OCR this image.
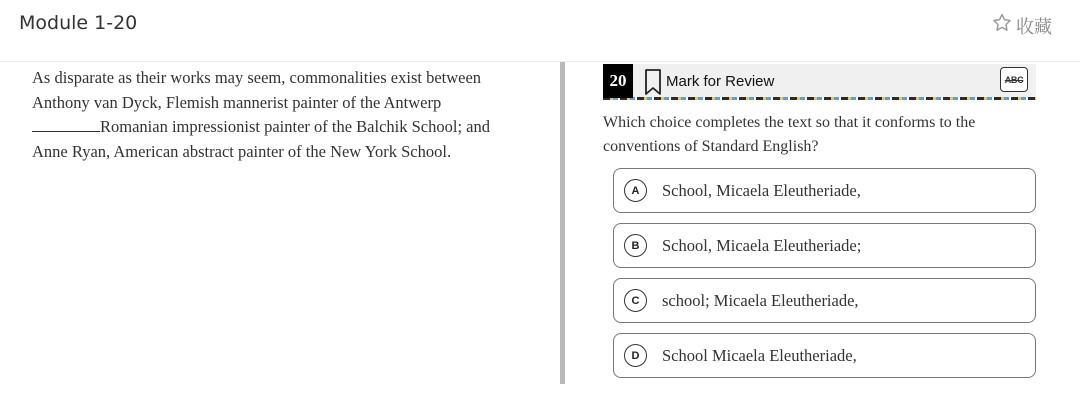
Module 1-20	收藏
As disparate as their works may seem, commonalities exist between
Anthony van Dyck, Flemish mannerist painter of the Antwerp
Romanian impressionist painter of the Balchik School; and
Anne Ryan, American abstract painter of the New York School.
20	Mark for Review	ABC
Which choice completes the text so that it conforms to the conventions of Standard English?
A	School, Micaela Eleutheriade,
B	School, Micaela Eleutheriade;
C	school; Micaela Eleutheriade,
D	School Micaela Eleutheriade,
